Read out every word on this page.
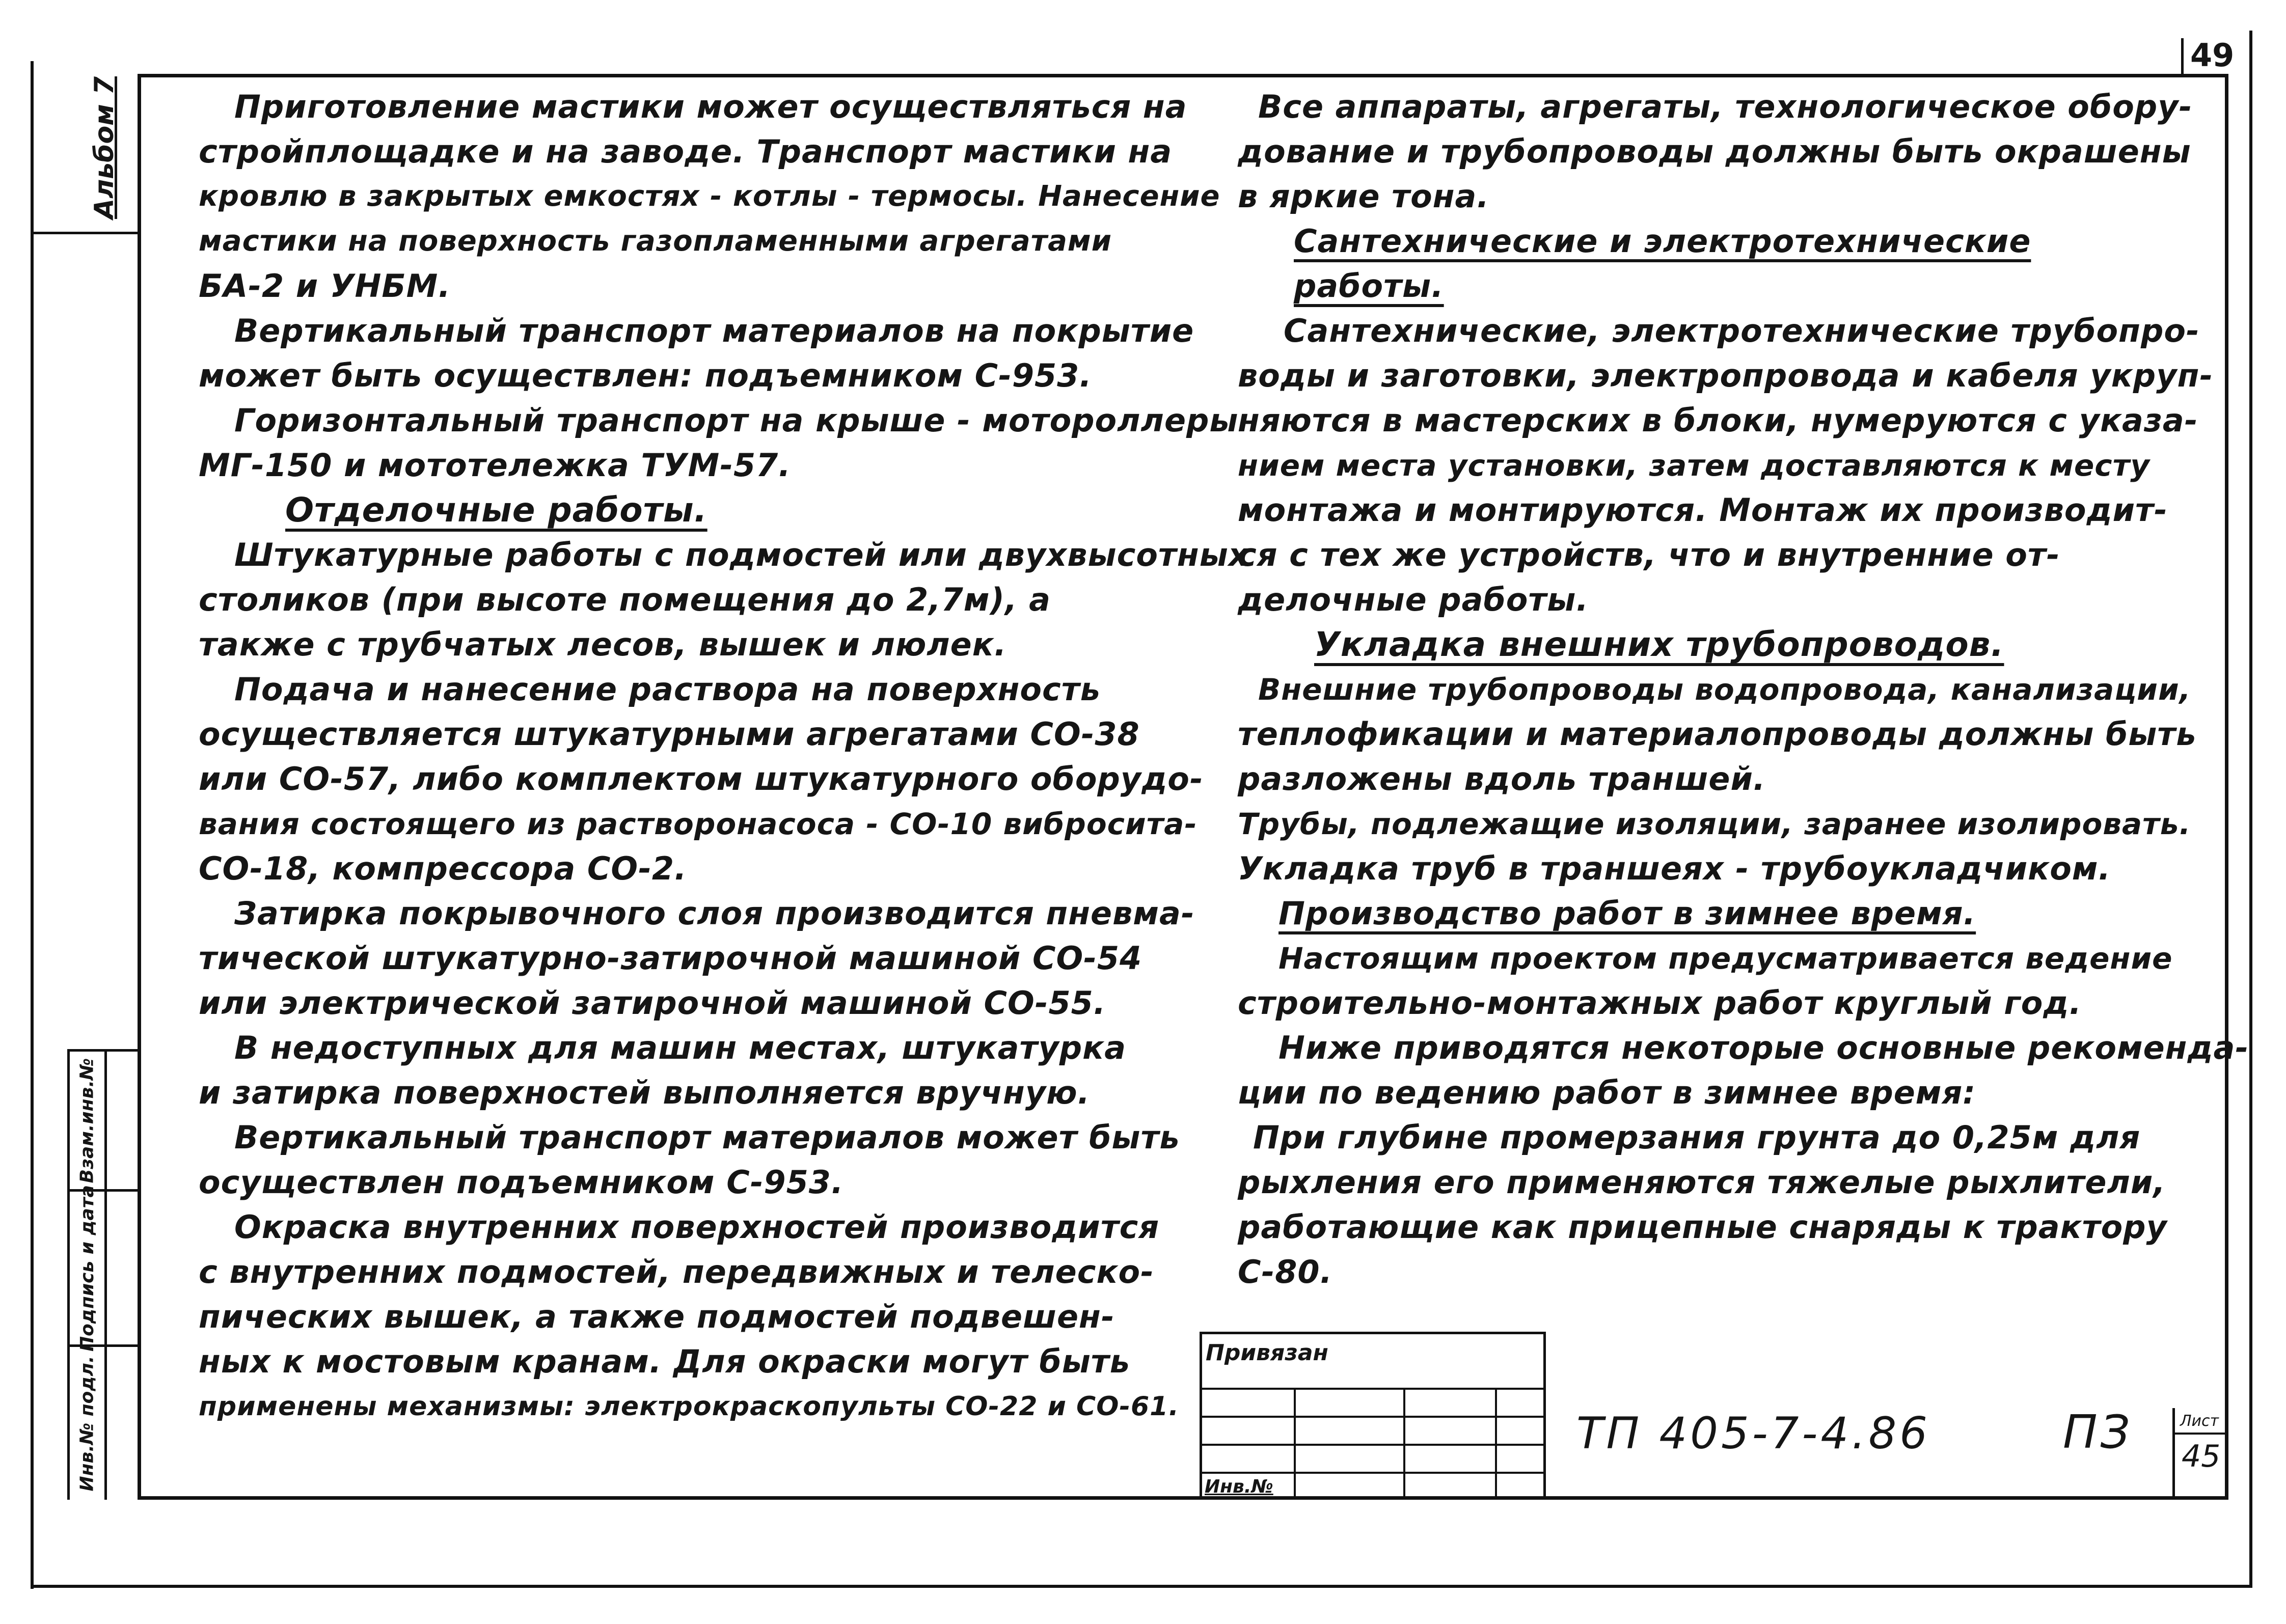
Альбом 7
Взам.инв.№
Подпись и дата
Инв.№ подл.
49
Приготовление мастики может осуществляться на
стройплощадке и на заводе. Транспорт мастики на
кровлю в закрытых емкостях - котлы - термосы. Нанесение
мастики на поверхность газопламенными агрегатами
БА-2 и УНБМ.
Вертикальный транспорт материалов на покрытие
может быть осуществлен: подъемником С-953.
Горизонтальный транспорт на крыше - мотороллеры
МГ-150 и мототележка ТУМ-57.
Отделочные работы.
Штукатурные работы с подмостей или двухвысотных
столиков (при высоте помещения до 2,7м), а
также с трубчатых лесов, вышек и люлек.
Подача и нанесение раствора на поверхность
осуществляется штукатурными агрегатами СО-38
или СО-57, либо комплектом штукатурного оборудо-
вания состоящего из растворонасоса - СО-10 вибросита-
СО-18, компрессора СО-2.
Затирка покрывочного слоя производится пневма-
тической штукатурно-затирочной машиной СО-54
или электрической затирочной машиной СО-55.
В недоступных для машин местах, штукатурка
и затирка поверхностей выполняется вручную.
Вертикальный транспорт материалов может быть
осуществлен подъемником С-953.
Окраска внутренних поверхностей производится
с внутренних подмостей, передвижных и телеско-
пических вышек, а также подмостей подвешен-
ных к мостовым кранам. Для окраски могут быть
применены механизмы: электрокраскопульты СО-22 и СО-61.
Все аппараты, агрегаты, технологическое обору-
дование и трубопроводы должны быть окрашены
в яркие тона.
Сантехнические и электротехнические
работы.
Сантехнические, электротехнические трубопро-
воды и заготовки, электропровода и кабеля укруп-
няются в мастерских в блоки, нумеруются с указа-
нием места установки, затем доставляются к месту
монтажа и монтируются. Монтаж их производит-
ся с тех же устройств, что и внутренние от-
делочные работы.
Укладка внешних трубопроводов.
Внешние трубопроводы водопровода, канализации,
теплофикации и материалопроводы должны быть
разложены вдоль траншей.
Трубы, подлежащие изоляции, заранее изолировать.
Укладка труб в траншеях - трубоукладчиком.
Производство работ в зимнее время.
Настоящим проектом предусматривается ведение
строительно-монтажных работ круглый год.
Ниже приводятся некоторые основные рекоменда-
ции по ведению работ в зимнее время:
При глубине промерзания грунта до 0,25м для
рыхления его применяются тяжелые рыхлители,
работающие как прицепные снаряды к трактору
С-80.
Привязан
Инв.№
ТП 405-7-4.86	ПЗ	Лист
45
